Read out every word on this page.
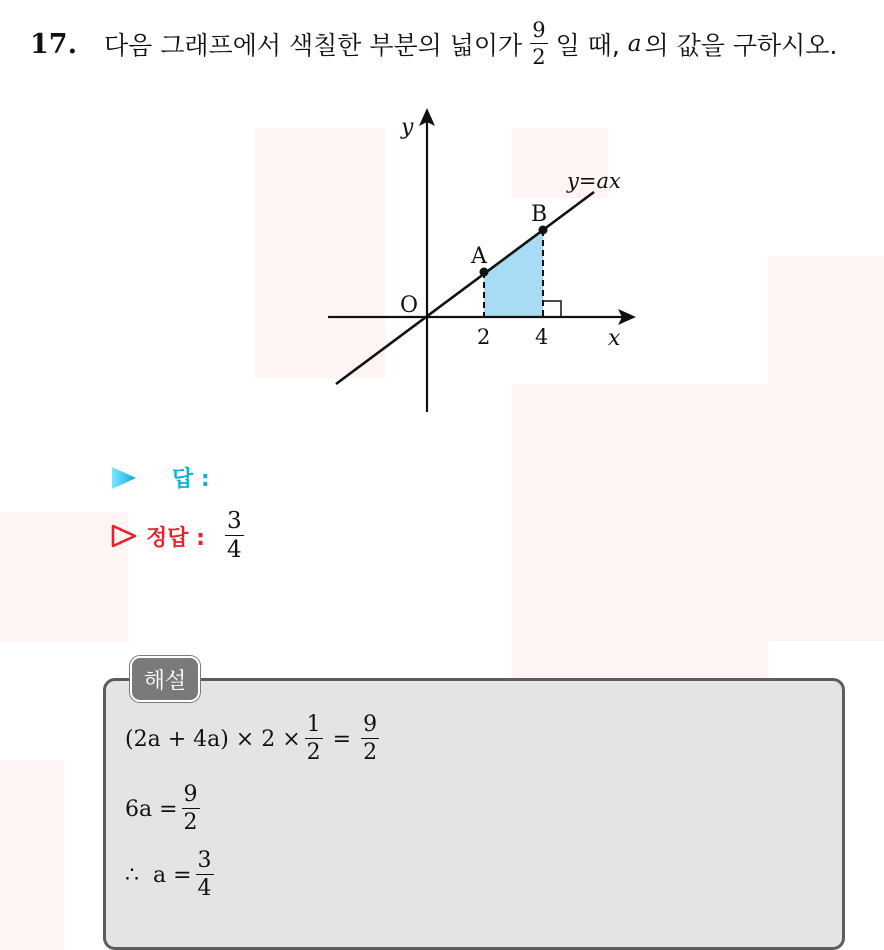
17.	다음 그래프에서 색칠한 부분의 넓이가 $\frac{9}{2}$ 일 때, a 의 값을 구하시오.
y
x
O
y=ax
A
B
2 4
답 :
정답 : $\frac{3}{4}$
해설
$(2a + 4a) \times 2 \times \frac{1}{2} = \frac{9}{2}$
$6a = \frac{9}{2}$
∴  $a = \frac{3}{4}$
